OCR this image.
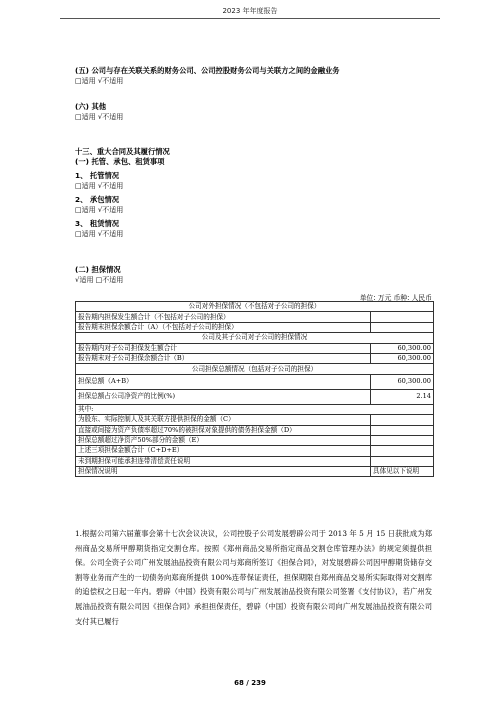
2023 年年度报告
(五) 公司与存在关联关系的财务公司、公司控股财务公司与关联方之间的金融业务
□适用 √不适用
(六) 其他
□适用 √不适用
十三、重大合同及其履行情况
(一) 托管、承包、租赁事项
1、 托管情况
□适用 √不适用
2、 承包情况
□适用 √不适用
3、 租赁情况
□适用 √不适用
(二) 担保情况
√适用 □不适用
单位: 万元 币种: 人民币
公司对外担保情况（不包括对子公司的担保）	
报告期内担保发生额合计（不包括对子公司的担保）	
报告期末担保余额合计（A）（不包括对子公司的担保）	
公司及其子公司对子公司的担保情况	
报告期内对子公司担保发生额合计	60,300.00
报告期末对子公司担保余额合计（B）	60,300.00
公司担保总额情况（包括对子公司的担保）	
担保总额（A+B）	60,300.00
担保总额占公司净资产的比例(%)	2.14
其中:	
为股东、实际控制人及其关联方提供担保的金额（C）	
直接或间接为资产负债率超过70%的被担保对象提供的债务担保金额（D）	
担保总额超过净资产50%部分的金额（E）	
上述三项担保金额合计（C+D+E）	
未到期担保可能承担连带清偿责任说明	
担保情况说明	具体见以下说明
1.根据公司第六届董事会第十七次会议决议，公司控股子公司发展碧辟公司于 2013 年 5 月 15 日获批成为郑州商品交易所甲醇期货指定交割仓库。按照《郑州商品交易所指定商品交割仓库管理办法》的规定须提供担保。公司全资子公司广州发展油品投资有限公司与郑商所签订《担保合同》，对发展碧辟公司因甲醇期货储存交割等业务而产生的一切债务向郑商所提供 100%连带保证责任，担保期限自郑州商品交易所实际取得对交割库的追偿权之日起一年内。碧辟（中国）投资有限公司与广州发展油品投资有限公司签署《支付协议》，若广州发展油品投资有限公司因《担保合同》承担担保责任，碧辟（中国）投资有限公司向广州发展油品投资有限公司支付其已履行
68 / 239
